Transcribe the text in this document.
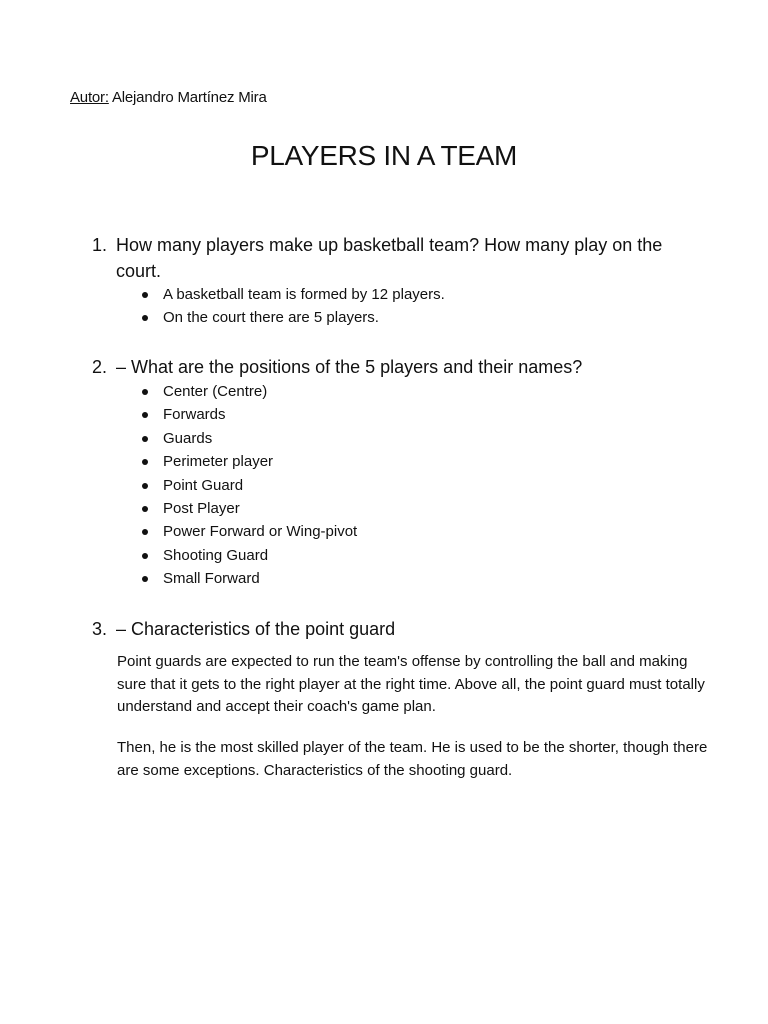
Autor: Alejandro Martínez Mira
PLAYERS IN A TEAM
1. How many players make up basketball team? How many play on the court.
A basketball team is formed by 12 players.
On the court there are 5 players.
2. – What are the positions of the 5 players and their names?
Center (Centre)
Forwards
Guards
Perimeter player
Point Guard
Post Player
Power Forward or Wing-pivot
Shooting Guard
Small Forward
3. – Characteristics of the point guard

Point guards are expected to run the team's offense by controlling the ball and making sure that it gets to the right player at the right time. Above all, the point guard must totally understand and accept their coach's game plan.

Then, he is the most skilled player of the team. He is used to be the shorter, though there are some exceptions. Characteristics of the shooting guard.
